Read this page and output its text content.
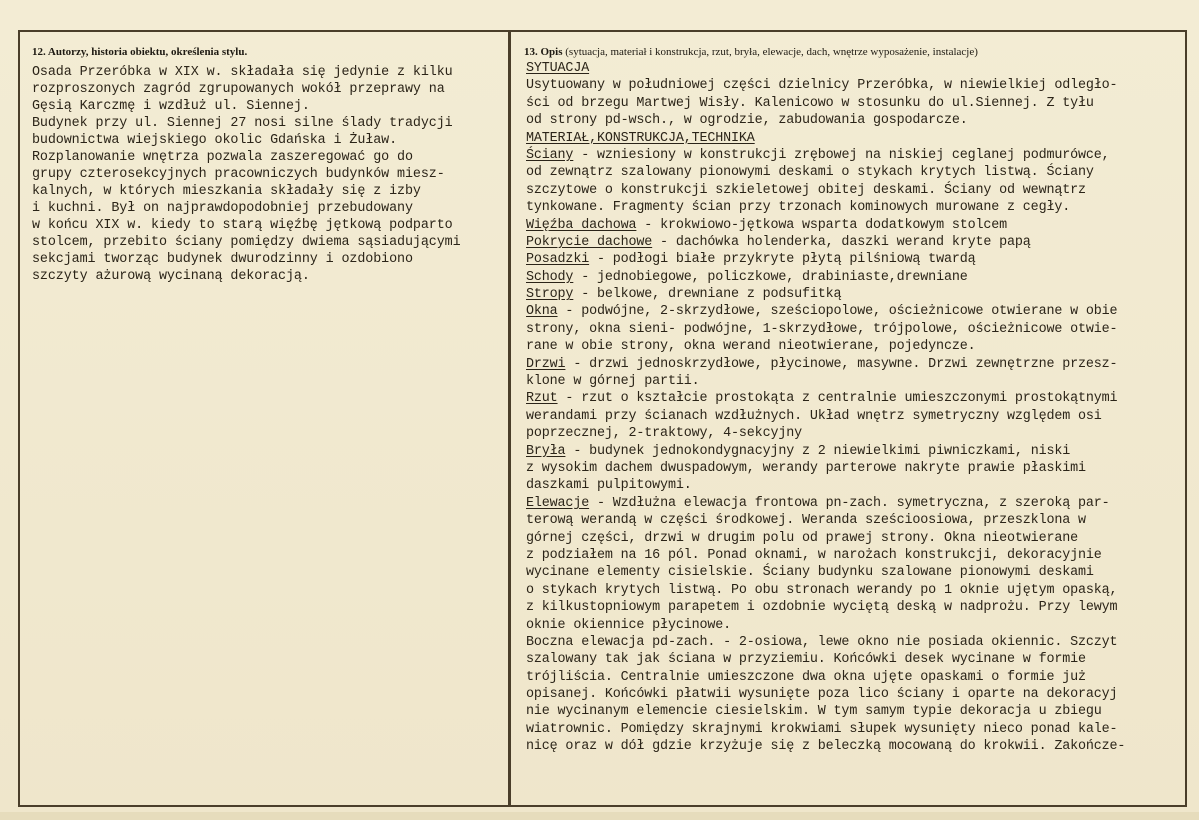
12. Autorzy, historia obiektu, określenia stylu.
Osada Przeróbka w XIX w. składała się jedynie z kilku
rozproszonych zagród zgrupowanych wokół przeprawy na
Gęsią Karczmę i wzdłuż ul. Siennej.
Budynek przy ul. Siennej 27 nosi silne ślady tradycji
budownictwa wiejskiego okolic Gdańska i Żuław.
Rozplanowanie wnętrza pozwala zaszeregować go do
grupy czterosekcyjnych pracowniczych budynków miesz-
kalnych, w których mieszkania składały się z izby
i kuchni. Był on najprawdopodobniej przebudowany
w końcu XIX w. kiedy to starą więźbę jętkową podparto
stolcem, przebito ściany pomiędzy dwiema sąsiadującymi
sekcjami tworząc budynek dwurodzinny i ozdobiono
szczyty ażurową wycinaną dekoracją.
13. Opis (sytuacja, materiał i konstrukcja, rzut, bryła, elewacje, dach, wnętrze wyposażenie, instalacje)
SYTUACJA
Usytuowany w południowej części dzielnicy Przeróbka, w niewielkiej odległo-
ści od brzegu Martwej Wisły. Kalenicowo w stosunku do ul.Siennej. Z tyłu
od strony pd-wsch., w ogrodzie, zabudowania gospodarcze.
MATERIAŁ,KONSTRUKCJA,TECHNIKA
Ściany - wzniesiony w konstrukcji zrębowej na niskiej ceglanej podmurówce,
od zewnątrz szalowany pionowymi deskami o stykach krytych listwą. Ściany
szczytowe o konstrukcji szkieletowej obitej deskami. Ściany od wewnątrz
tynkowane. Fragmenty ścian przy trzonach kominowych murowane z cegły.
Więźba dachowa - krokwiowo-jętkowa wsparta dodatkowym stolcem
Pokrycie dachowe - dachówka holenderka, daszki werand kryte papą
Posadzki - podłogi białe przykryte płytą pilśniową twardą
Schody - jednobiegowe, policzkowe, drabiniaste,drewniane
Stropy - belkowe, drewniane z podsufitką
Okna - podwójne, 2-skrzydłowe, sześciopolowe, ościeżnicowe otwierane w obie
strony, okna sieni- podwójne, 1-skrzydłowe, trójpolowe, ościeżnicowe otwie-
rane w obie strony, okna werand nieotwierane, pojedyncze.
Drzwi - drzwi jednoskrzydłowe, płycinowe, masywne. Drzwi zewnętrzne przesz-
klone w górnej partii.
Rzut - rzut o kształcie prostokąta z centralnie umieszczonymi prostokątnymi
werandami przy ścianach wzdłużnych. Układ wnętrz symetryczny względem osi
poprzecznej, 2-traktowy, 4-sekcyjny
Bryła - budynek jednokondygnacyjny z 2 niewielkimi piwniczkami, niski
z wysokim dachem dwuspadowym, werandy parterowe nakryte prawie płaskimi
daszkami pulpitowymi.
Elewacje - Wzdłużna elewacja frontowa pn-zach. symetryczna, z szeroką par-
terową werandą w części środkowej. Weranda sześcioosiowa, przeszklona w
górnej części, drzwi w drugim polu od prawej strony. Okna nieotwierane
z podziałem na 16 pól. Ponad oknami, w narożach konstrukcji, dekoracyjnie
wycinane elementy cisielskie. Ściany budynku szalowane pionowymi deskami
o stykach krytych listwą. Po obu stronach werandy po 1 oknie ujętym opaską,
z kilkustopniowym parapetem i ozdobnie wyciętą deską w nadprożu. Przy lewym
oknie okiennice płycinowe.
Boczna elewacja pd-zach. - 2-osiowa, lewe okno nie posiada okiennic. Szczyt
szalowany tak jak ściana w przyziemiu. Końcówki desek wycinane w formie
trójliścia. Centralnie umieszczone dwa okna ujęte opaskami o formie już
opisanej. Końcówki płatwii wysunięte poza lico ściany i oparte na dekoracyj
nie wycinanym elemencie ciesielskim. W tym samym typie dekoracja u zbiegu
wiatrownic. Pomiędzy skrajnymi krokwiami słupek wysunięty nieco ponad kale-
nicę oraz w dół gdzie krzyżuje się z beleczką mocowaną do krokwii. Zakończe-
